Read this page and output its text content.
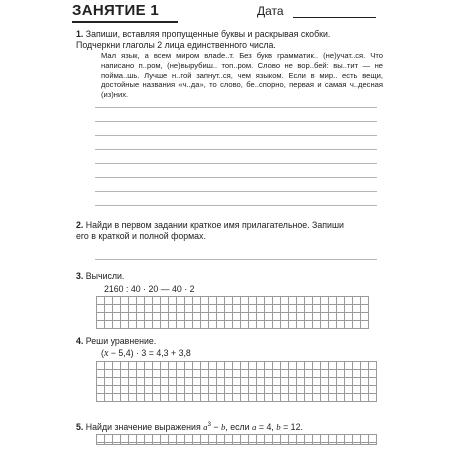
ЗАНЯТИЕ 1	Дата
1. Запиши, вставляя пропущенные буквы и раскрывая скобки.
Подчеркни глаголы 2 лица единственного числа.
Мал язык, а всем миром влade..т. Без букв грамматик.. (не)учат..ся. Что написано п..ром, (не)вырубиш.. топ..ром. Слово не вор..бей: вы..тит — не пойма..шь. Лучше н..гой запнут..ся, чем языком. Если в мир.. есть вещи, достойные названия «ч..да», то слово, бе..спорно, первая и самая ч..десная (из)них.
2. Найди в первом задании краткое имя прилагательное. Запиши
его в краткой и полной формах.
3. Вычисли.
2160 : 40 · 20 — 40 · 2
4. Реши уравнение.
(x − 5,4) · 3 = 4,3 + 3,8
5. Найди значение выражения $a^3 - b$, если a = 4, b = 12.
